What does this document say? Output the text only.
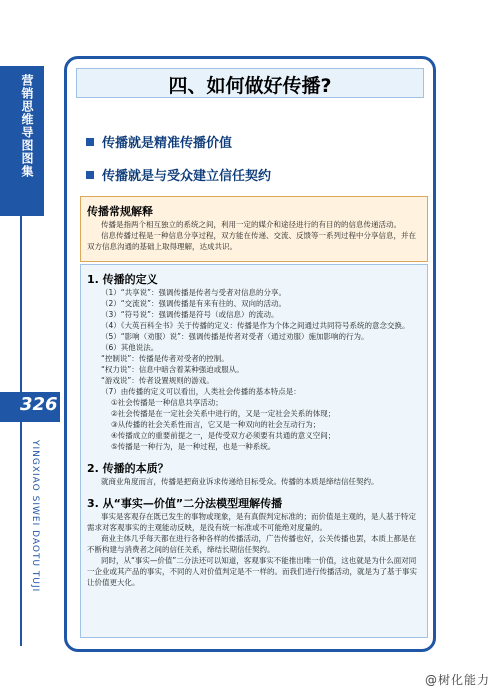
营销思维导图图集
326
YINGXIAO SIWEI DAOTU TUJI
四、如何做好传播?
传播就是精准传播价值
传播就是与受众建立信任契约

传播常规解释

传播是指两个相互独立的系统之间，利用一定的媒介和途径进行的有目的的信息传递活动。

信息传播过程是一种信息分享过程，双方能在传递、交流、反馈等一系列过程中分享信息，并在双方信息沟通的基础上取得理解，达成共识。

1. 传播的定义

（1）“共享说”：强调传播是传者与受者对信息的分享。

（2）“交流说”：强调传播是有来有往的、双向的活动。

（3）“符号说”：强调传播是符号（或信息）的流动。

（4）《大英百科全书》关于传播的定义：传播是作为个体之间通过共同符号系统的意念交换。

（5）“影响（劝服）说”：强调传播是传者对受者（通过劝服）施加影响的行为。

（6）其他说法。

“控制说”：传播是传者对受者的控制。

“权力说”：信息中暗含着某种强迫或服从。

“游戏说”：传者设置规则的游戏。

（7）由传播的定义可以看出，人类社会传播的基本特点是：

①社会传播是一种信息共享活动；

②社会传播是在一定社会关系中进行的，又是一定社会关系的体现；

③从传播的社会关系性而言，它又是一种双向的社会互动行为；

④传播成立的重要前提之一，是传受双方必须要有共通的意义空间；

⑤传播是一种行为，是一种过程，也是一种系统。

2. 传播的本质？

就商业角度而言，传播是把商业诉求传递给目标受众。传播的本质是缔结信任契约。

3. 从“事实—价值”二分法模型理解传播

事实是客观存在既已发生的事物或现象，是有真假判定标准的；而价值是主观的，是人基于特定需求对客观事实的主观能动反映，是没有统一标准或不可能绝对度量的。

商业主体几乎每天都在进行各种各样的传播活动，广告传播也好，公关传播也罢，本质上都是在不断构建与消费者之间的信任关系，缔结长期信任契约。

同时，从“事实—价值”二分法还可以知道，客观事实不能推出唯一价值，这也就是为什么面对同一企业或其产品的事实，不同的人对价值判定是不一样的。而我们进行传播活动，就是为了基于事实让价值更大化。

@树化能力
